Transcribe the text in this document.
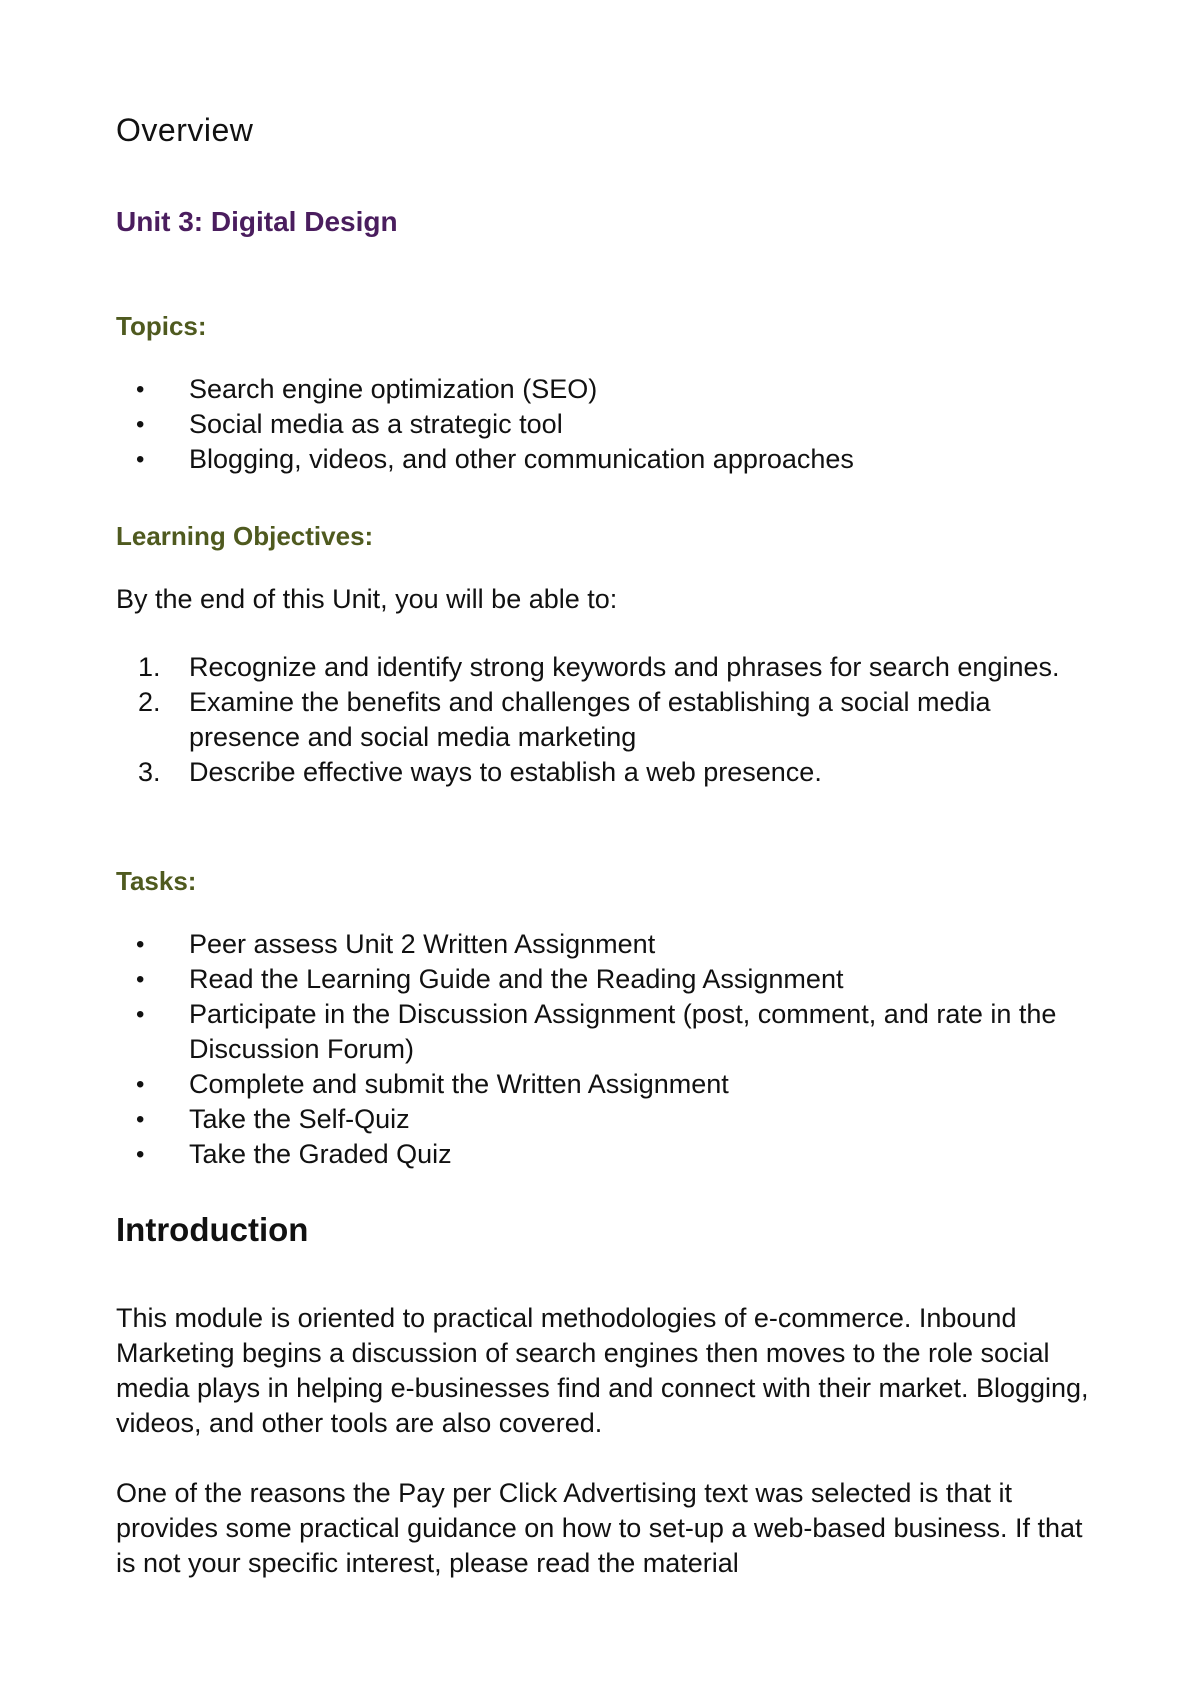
Overview
Unit 3: Digital Design
Topics:
• Search engine optimization (SEO)
• Social media as a strategic tool
• Blogging, videos, and other communication approaches
Learning Objectives:

By the end of this Unit, you will be able to:

1. Recognize and identify strong keywords and phrases for search engines.
2. Examine the benefits and challenges of establishing a social media presence and social media marketing
3. Describe effective ways to establish a web presence.
Tasks:
• Peer assess Unit 2 Written Assignment
• Read the Learning Guide and the Reading Assignment
• Participate in the Discussion Assignment (post, comment, and rate in the Discussion Forum)
• Complete and submit the Written Assignment
• Take the Self-Quiz
• Take the Graded Quiz
Introduction

This module is oriented to practical methodologies of e-commerce. Inbound Marketing begins a discussion of search engines then moves to the role social media plays in helping e-businesses find and connect with their market. Blogging, videos, and other tools are also covered.

One of the reasons the Pay per Click Advertising text was selected is that it provides some practical guidance on how to set-up a web-based business. If that is not your specific interest, please read the material
